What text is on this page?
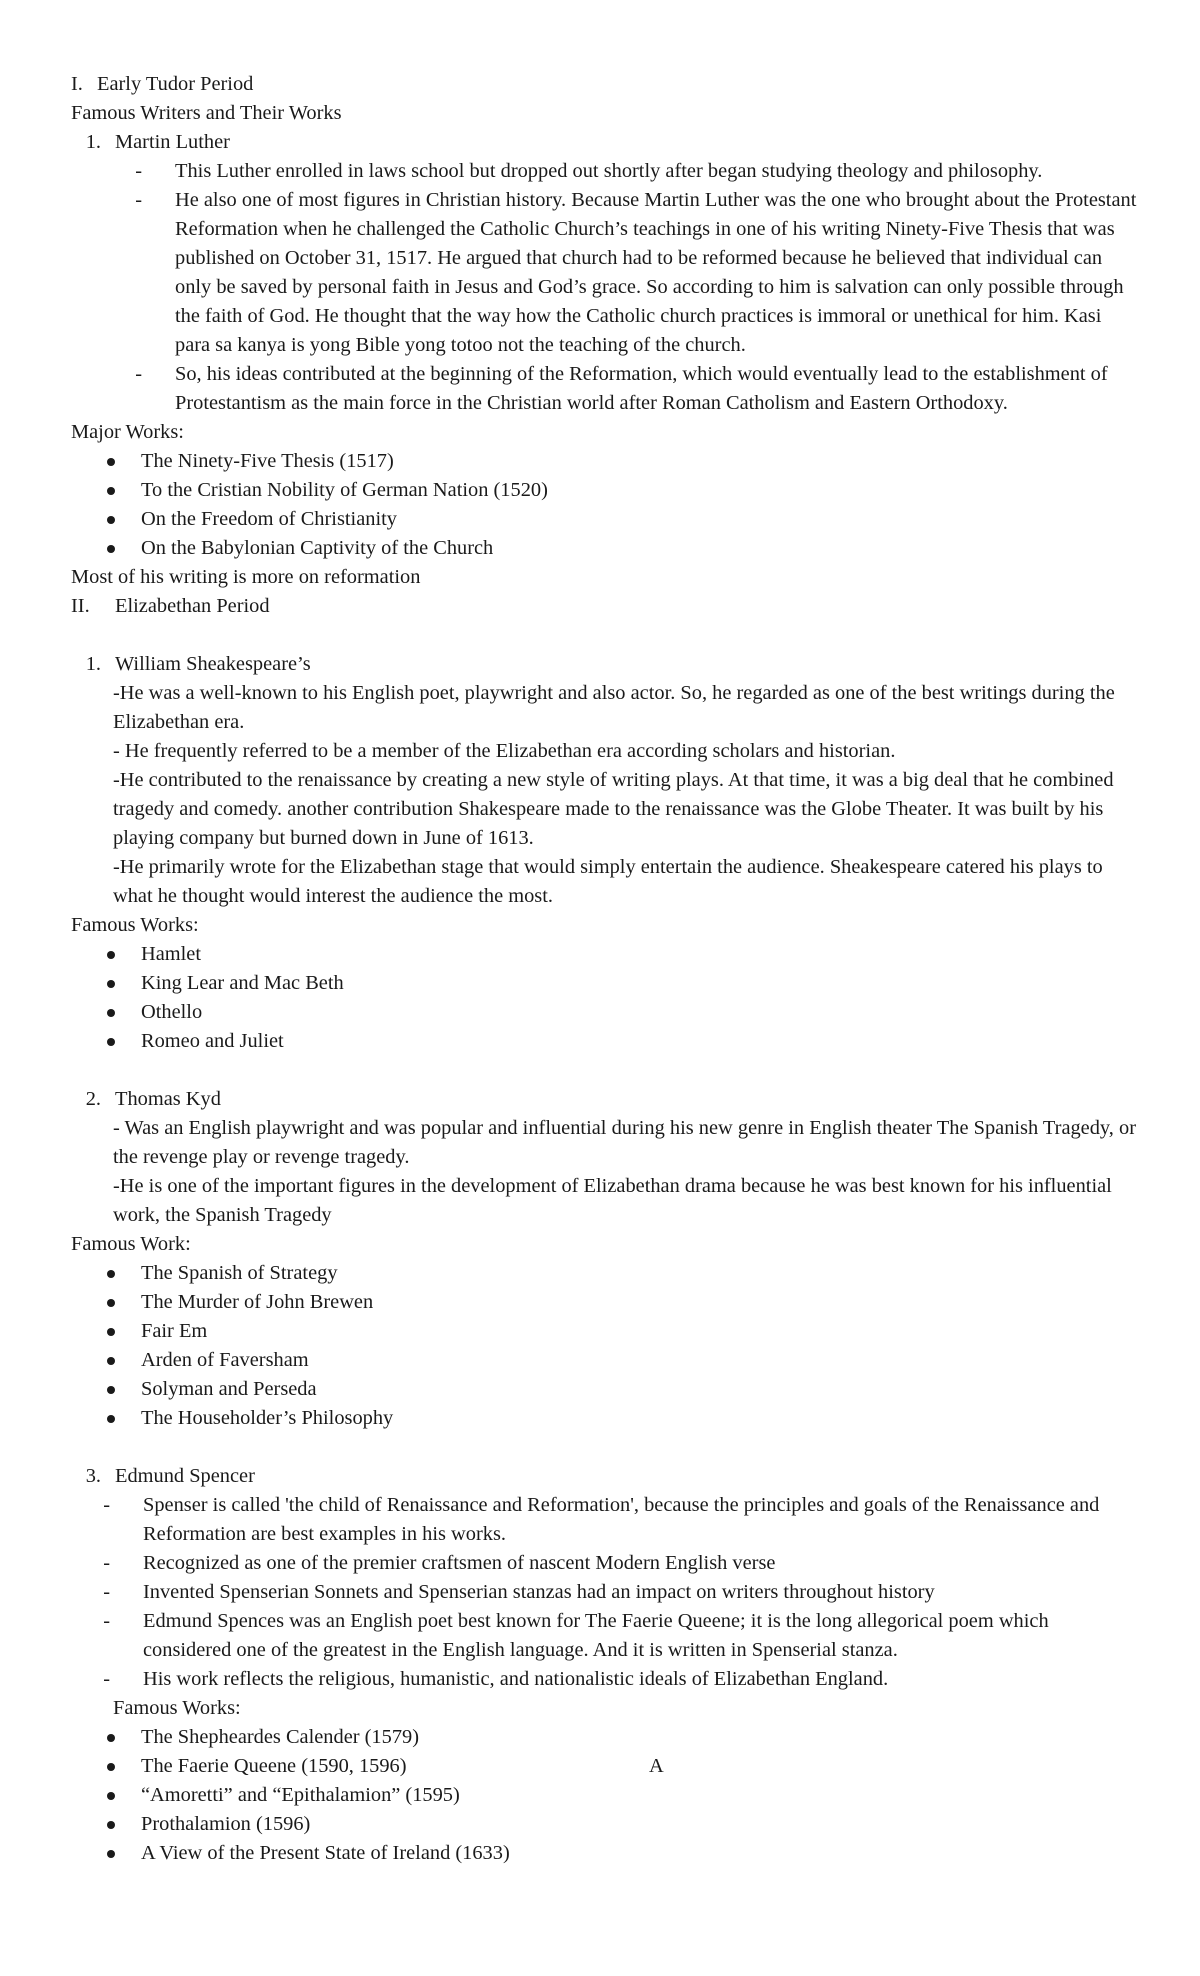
I. Early Tudor Period
Famous Writers and Their Works
1. Martin Luther
-	This Luther enrolled in laws school but dropped out shortly after began studying theology and philosophy.
-	He also one of most figures in Christian history. Because Martin Luther was the one who brought about the Protestant Reformation when he challenged the Catholic Church’s teachings in one of his writing Ninety-Five Thesis that was published on October 31, 1517. He argued that church had to be reformed because he believed that individual can only be saved by personal faith in Jesus and God’s grace. So according to him is salvation can only possible through the faith of God. He thought that the way how the Catholic church practices is immoral or unethical for him. Kasi para sa kanya is yong Bible yong totoo not the teaching of the church.
-	So, his ideas contributed at the beginning of the Reformation, which would eventually lead to the establishment of Protestantism as the main force in the Christian world after Roman Catholism and Eastern Orthodoxy.
Major Works:
The Ninety-Five Thesis (1517)
To the Cristian Nobility of German Nation (1520)
On the Freedom of Christianity
On the Babylonian Captivity of the Church
Most of his writing is more on reformation
II.	Elizabethan Period
1. William Sheakespeare’s
-He was a well-known to his English poet, playwright and also actor. So, he regarded as one of the best writings during the Elizabethan era.
- He frequently referred to be a member of the Elizabethan era according scholars and historian.
-He contributed to the renaissance by creating a new style of writing plays. At that time, it was a big deal that he combined tragedy and comedy. another contribution Shakespeare made to the renaissance was the Globe Theater. It was built by his playing company but burned down in June of 1613.
-He primarily wrote for the Elizabethan stage that would simply entertain the audience. Sheakespeare catered his plays to what he thought would interest the audience the most.
Famous Works:
Hamlet
King Lear and Mac Beth
Othello
Romeo and Juliet
2. Thomas Kyd
- Was an English playwright and was popular and influential during his new genre in English theater The Spanish Tragedy, or the revenge play or revenge tragedy.
-He is one of the important figures in the development of Elizabethan drama because he was best known for his influential work, the Spanish Tragedy
Famous Work:
The Spanish of Strategy
The Murder of John Brewen
Fair Em
Arden of Faversham
Solyman and Perseda
The Householder’s Philosophy
3. Edmund Spencer
-	Spenser is called 'the child of Renaissance and Reformation', because the principles and goals of the Renaissance and Reformation are best examples in his works.
-	Recognized as one of the premier craftsmen of nascent Modern English verse
-	Invented Spenserian Sonnets and Spenserian stanzas had an impact on writers throughout history
-	Edmund Spences was an English poet best known for The Faerie Queene; it is the long allegorical poem which considered one of the greatest in the English language. And it is written in Spenserial stanza.
-	His work reflects the religious, humanistic, and nationalistic ideals of Elizabethan England.
Famous Works:
The Shepheardes Calender (1579)
The Faerie Queene (1590, 1596)	A
“Amoretti” and “Epithalamion” (1595)
Prothalamion (1596)
A View of the Present State of Ireland (1633)
